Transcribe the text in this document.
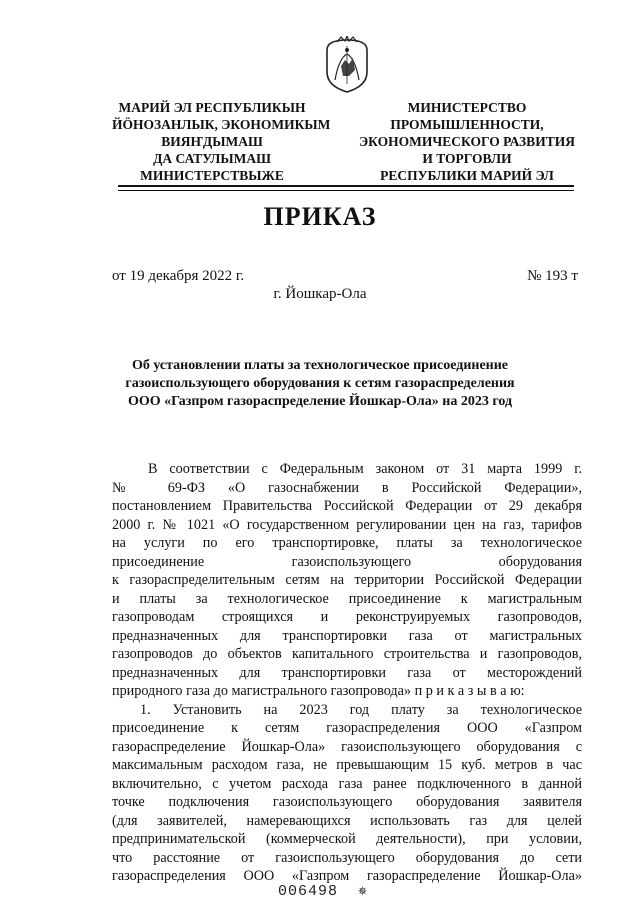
МАРИЙ ЭЛ РЕСПУБЛИКЫН
ЙӦНОЗАНЛЫК, ЭКОНОМИКЫМ
ВИЯҤДЫМАШ
ДА САТУЛЫМАШ
МИНИСТЕРСТВЫЖЕ
МИНИСТЕРСТВО
ПРОМЫШЛЕННОСТИ,
ЭКОНОМИЧЕСКОГО РАЗВИТИЯ
И ТОРГОВЛИ
РЕСПУБЛИКИ МАРИЙ ЭЛ
ПРИКАЗ
от 19 декабря 2022 г.	№ 193 т
г. Йошкар-Ола
Об установлении платы за технологическое присоединение
газоиспользующего оборудования к сетям газораспределения
ООО «Газпром газораспределение Йошкар-Ола» на 2023 год
В соответствии с Федеральным законом от 31 марта 1999 г.
№ 69-ФЗ «О газоснабжении в Российской Федерации»,
постановлением Правительства Российской Федерации от 29 декабря
2000 г. № 1021 «О государственном регулировании цен на газ, тарифов
на услуги по его транспортировке, платы за технологическое
присоединение газоиспользующего оборудования
к газораспределительным сетям на территории Российской Федерации
и платы за технологическое присоединение к магистральным
газопроводам строящихся и реконструируемых газопроводов,
предназначенных для транспортировки газа от магистральных
газопроводов до объектов капитального строительства и газопроводов,
предназначенных для транспортировки газа от месторождений
природного газа до магистрального газопровода» п р и к а з ы в а ю:
1. Установить на 2023 год плату за технологическое
присоединение к сетям газораспределения ООО «Газпром
газораспределение Йошкар-Ола» газоиспользующего оборудования с
максимальным расходом газа, не превышающим 15 куб. метров в час
включительно, с учетом расхода газа ранее подключенного в данной
точке подключения газоиспользующего оборудования заявителя
(для заявителей, намеревающихся использовать газ для целей
предпринимательской (коммерческой деятельности), при условии,
что расстояние от газоиспользующего оборудования до сети
газораспределения ООО «Газпром газораспределение Йошкар-Ола»
006498  ✵
